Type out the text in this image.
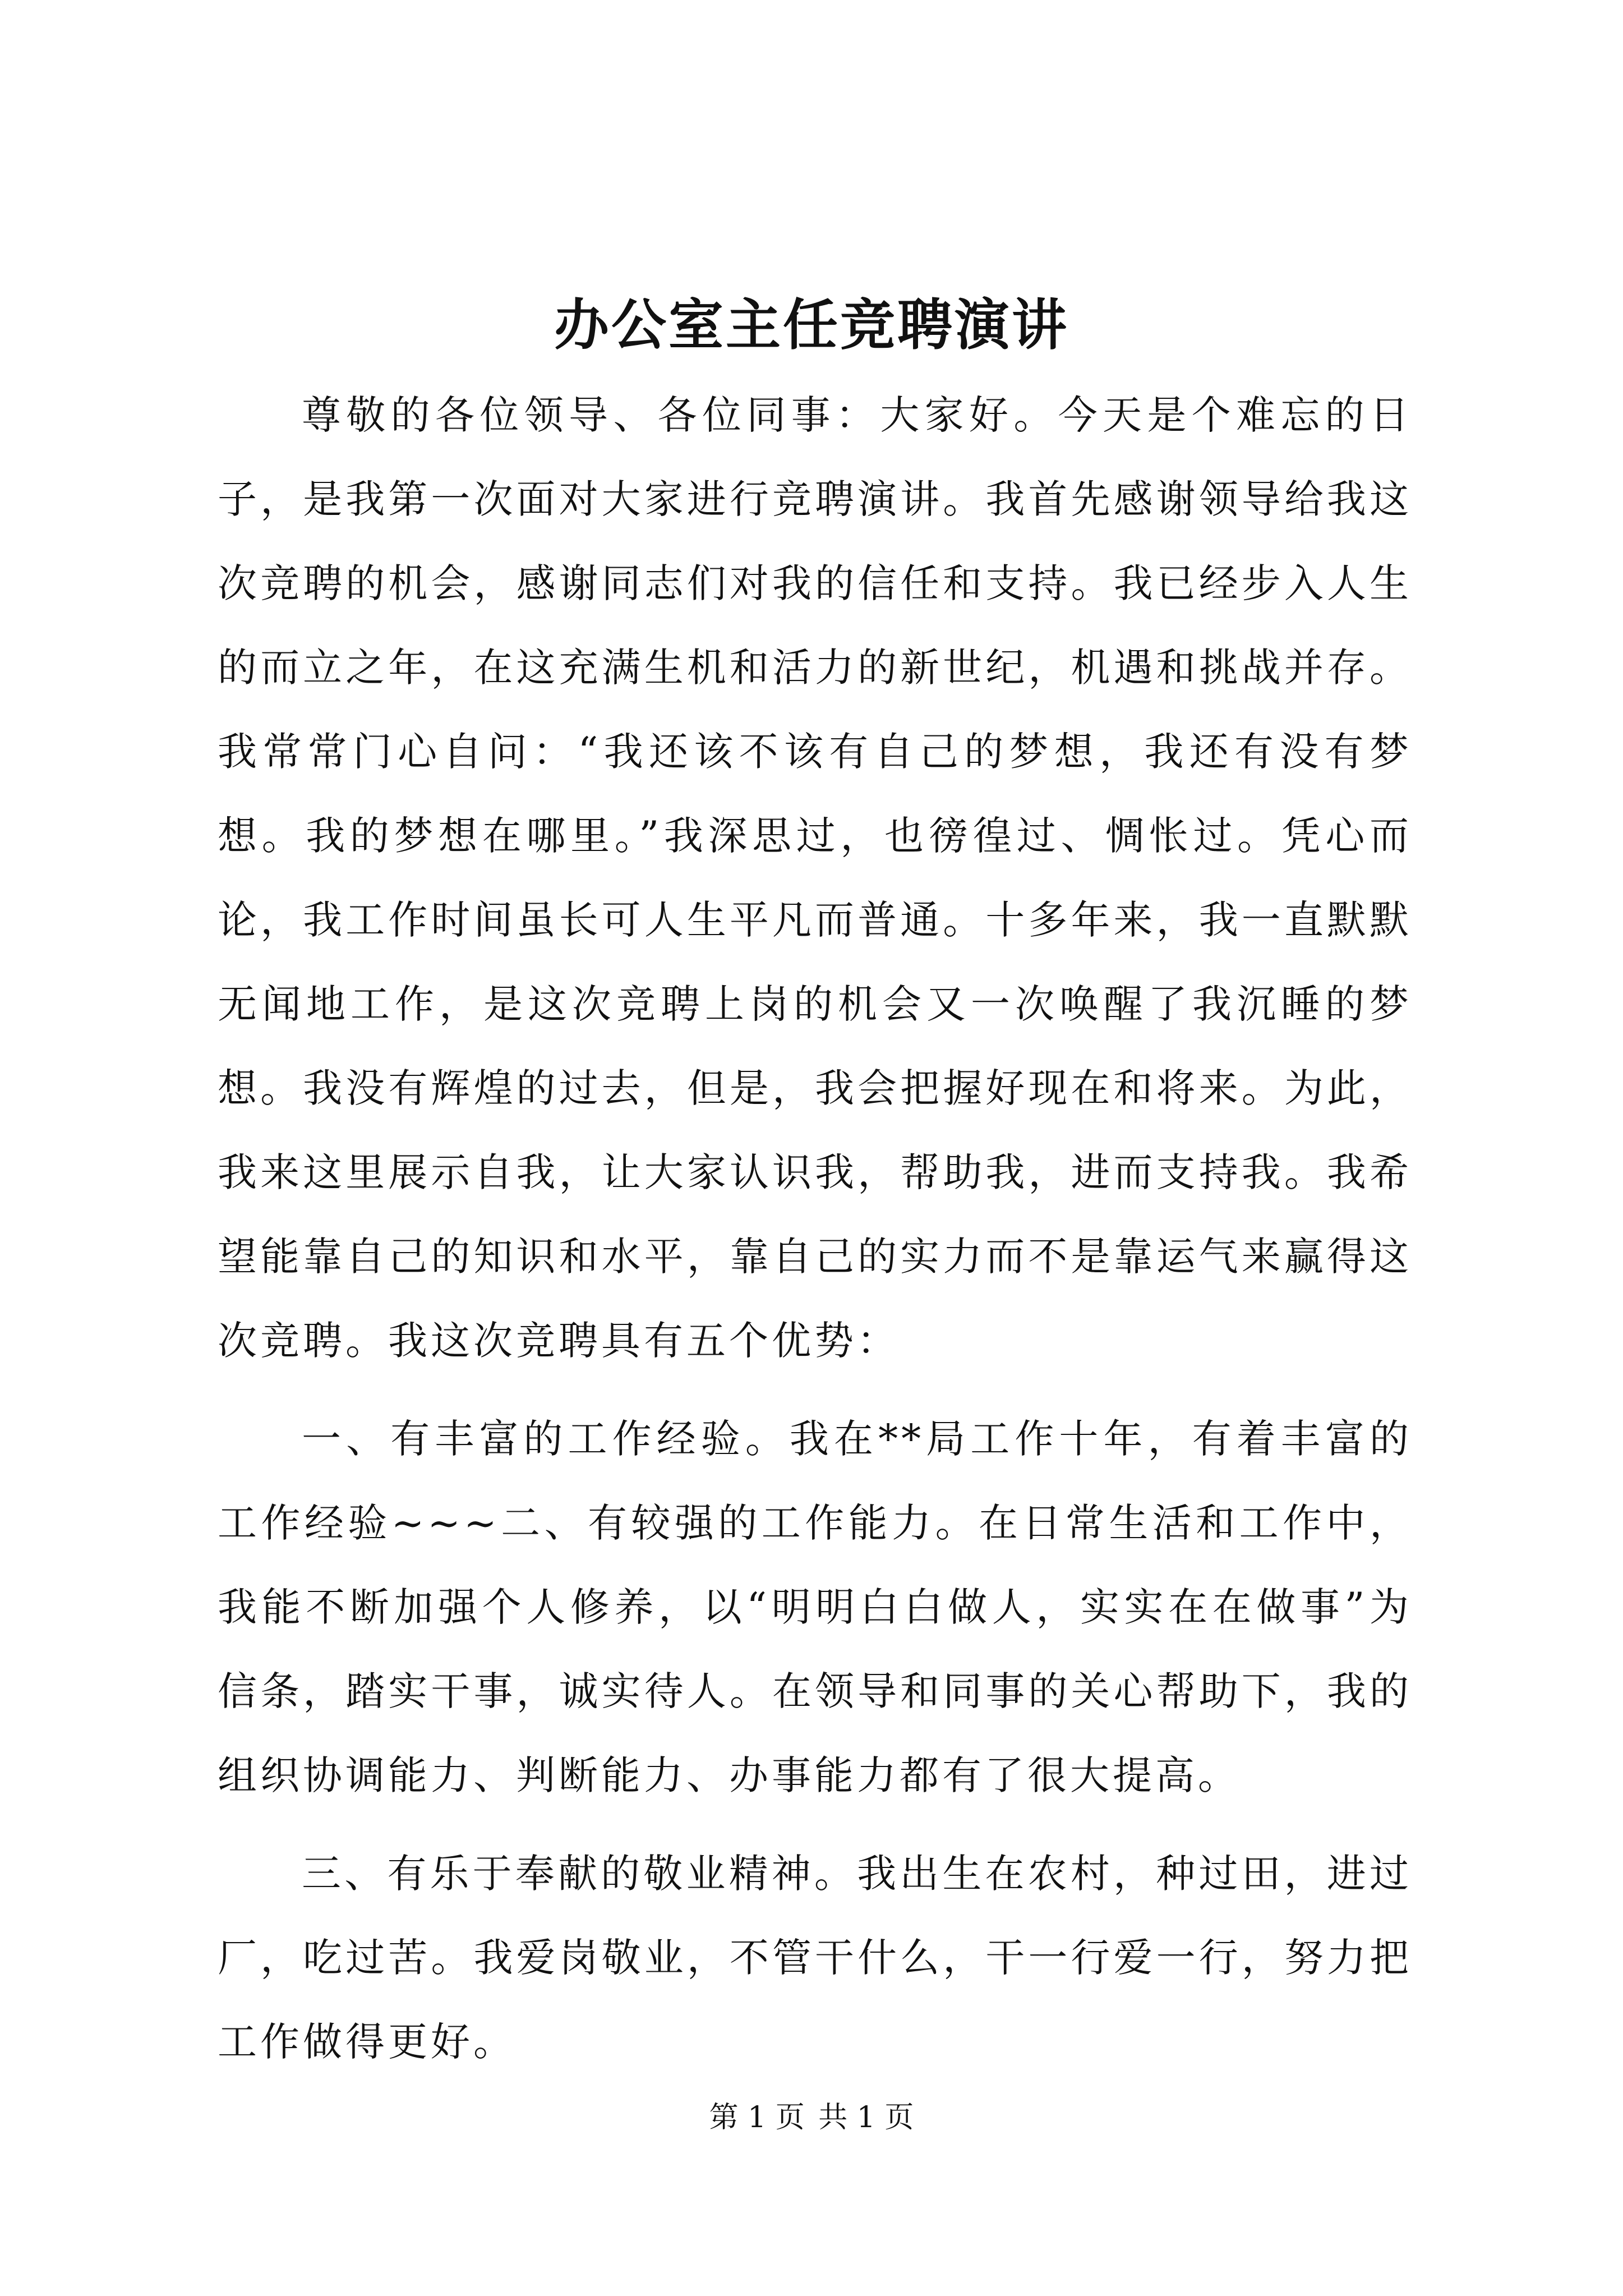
办公室主任竞聘演讲

尊敬的各位领导、各位同事：大家好。今天是个难忘的日子，是我第一次面对大家进行竞聘演讲。我首先感谢领导给我这次竞聘的机会，感谢同志们对我的信任和支持。我已经步入人生的而立之年，在这充满生机和活力的新世纪，机遇和挑战并存。我常常门心自问：“我还该不该有自己的梦想，我还有没有梦想。我的梦想在哪里。”我深思过，也徬徨过、惆怅过。凭心而论，我工作时间虽长可人生平凡而普通。十多年来，我一直默默无闻地工作，是这次竞聘上岗的机会又一次唤醒了我沉睡的梦想。我没有辉煌的过去，但是，我会把握好现在和将来。为此，我来这里展示自我，让大家认识我，帮助我，进而支持我。我希望能靠自己的知识和水平，靠自己的实力而不是靠运气来赢得这次竞聘。我这次竞聘具有五个优势：

一、有丰富的工作经验。我在**局工作十年，有着丰富的工作经验~~~二、有较强的工作能力。在日常生活和工作中，我能不断加强个人修养，以“明明白白做人，实实在在做事”为信条，踏实干事，诚实待人。在领导和同事的关心帮助下，我的组织协调能力、判断能力、办事能力都有了很大提高。

三、有乐于奉献的敬业精神。我出生在农村，种过田，进过厂，吃过苦。我爱岗敬业，不管干什么，干一行爱一行，努力把工作做得更好。

第 1 页 共 1 页
